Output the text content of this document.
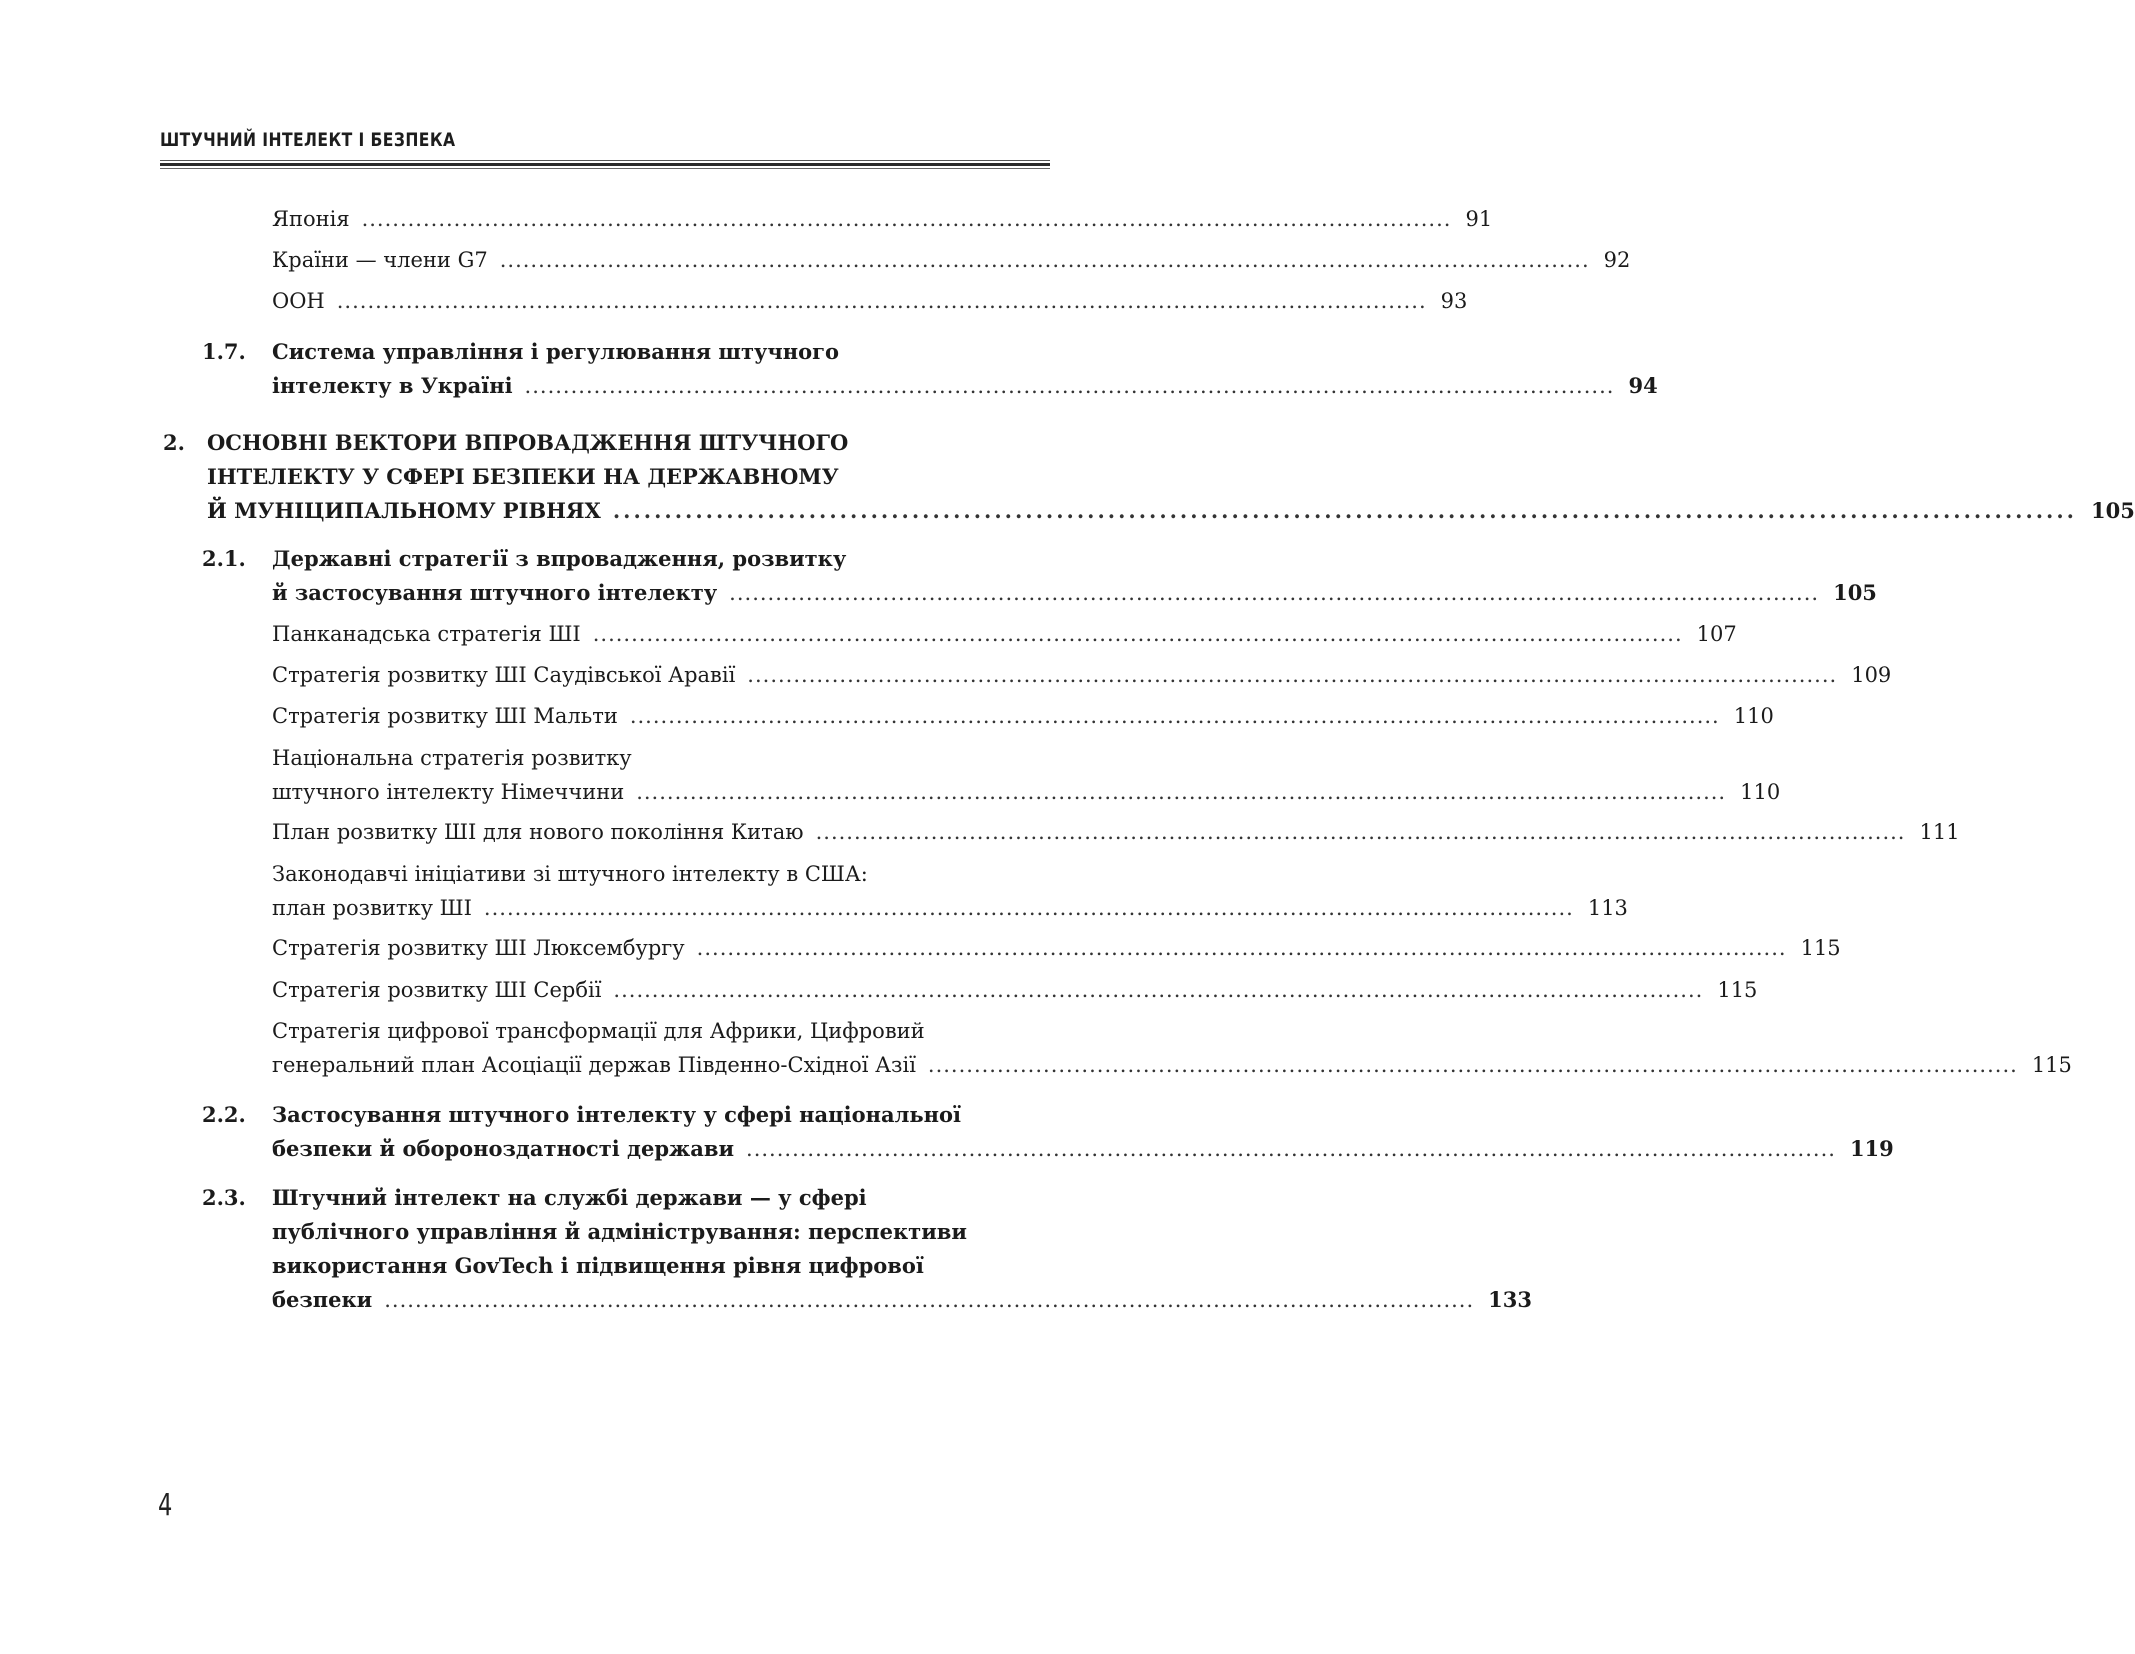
ШТУЧНИЙ ІНТЕЛЕКТ І БЕЗПЕКА
Японія .............................................................................................................................................. 91
Країни — члени G7 .............................................................................................................................................. 92
ООН .............................................................................................................................................. 93
1.7. Система управління і регулювання штучного
інтелекту в Україні .............................................................................................................................................. 94
2. ОСНОВНІ ВЕКТОРИ ВПРОВАДЖЕННЯ ШТУЧНОГО
ІНТЕЛЕКТУ У СФЕРІ БЕЗПЕКИ НА ДЕРЖАВНОМУ
Й МУНІЦИПАЛЬНОМУ РІВНЯХ .............................................................................................................................................. 105
2.1. Державні стратегії з впровадження, розвитку
й застосування штучного інтелекту .............................................................................................................................................. 105
Панканадська стратегія ШІ .............................................................................................................................................. 107
Стратегія розвитку ШІ Саудівської Аравії .............................................................................................................................................. 109
Стратегія розвитку ШІ Мальти .............................................................................................................................................. 110
Національна стратегія розвитку
штучного інтелекту Німеччини .............................................................................................................................................. 110
План розвитку ШІ для нового покоління Китаю .............................................................................................................................................. 111
Законодавчі ініціативи зі штучного інтелекту в США:
план розвитку ШІ .............................................................................................................................................. 113
Стратегія розвитку ШІ Люксембургу .............................................................................................................................................. 115
Стратегія розвитку ШІ Сербії .............................................................................................................................................. 115
Стратегія цифрової трансформації для Африки, Цифровий
генеральний план Асоціації держав Південно-Східної Азії .............................................................................................................................................. 115
2.2. Застосування штучного інтелекту у сфері національної
безпеки й обороноздатності держави .............................................................................................................................................. 119
2.3. Штучний інтелект на службі держави — у сфері
публічного управління й адміністрування: перспективи
використання GovTech і підвищення рівня цифрової
безпеки .............................................................................................................................................. 133
4
